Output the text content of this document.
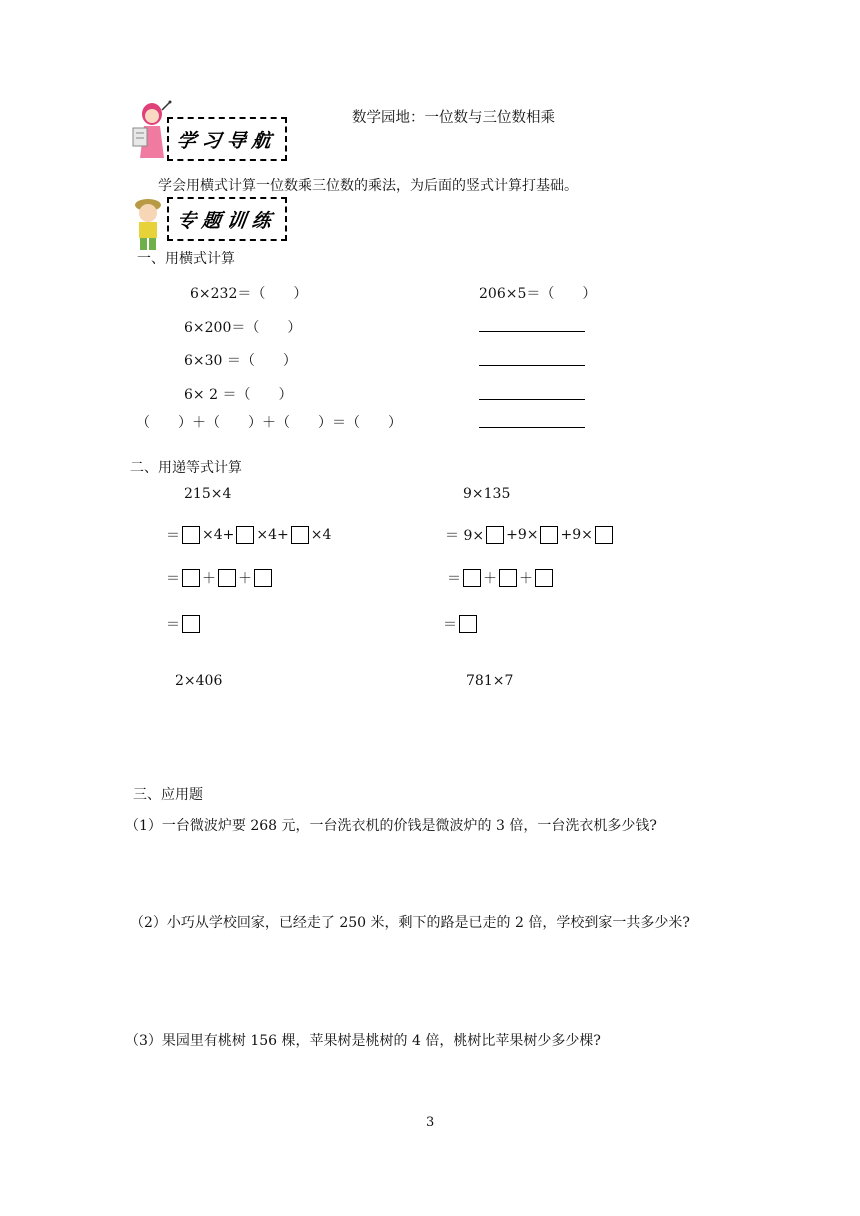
数学园地：一位数与三位数相乘
学习导航
学会用横式计算一位数乘三位数的乘法，为后面的竖式计算打基础。
专题训练
一、用横式计算
6×232＝（　　）
6×200＝（　　）
6×30 ＝（　　）
6× 2 ＝（　　）
（　　）＋（　　）＋（　　）＝（　　）
206×5＝（　　）
二、用递等式计算
215×4
＝ ×4+ ×4+ ×4
＝ ＋ ＋
＝
9×135
＝ 9× +9× +9×
＝ ＋ ＋
＝
2×406	781×7
三、应用题
（1）一台微波炉要 268 元，一台洗衣机的价钱是微波炉的 3 倍，一台洗衣机多少钱?
（2）小巧从学校回家，已经走了 250 米，剩下的路是已走的 2 倍，学校到家一共多少米?
（3）果园里有桃树 156 棵，苹果树是桃树的 4 倍，桃树比苹果树少多少棵?
3
